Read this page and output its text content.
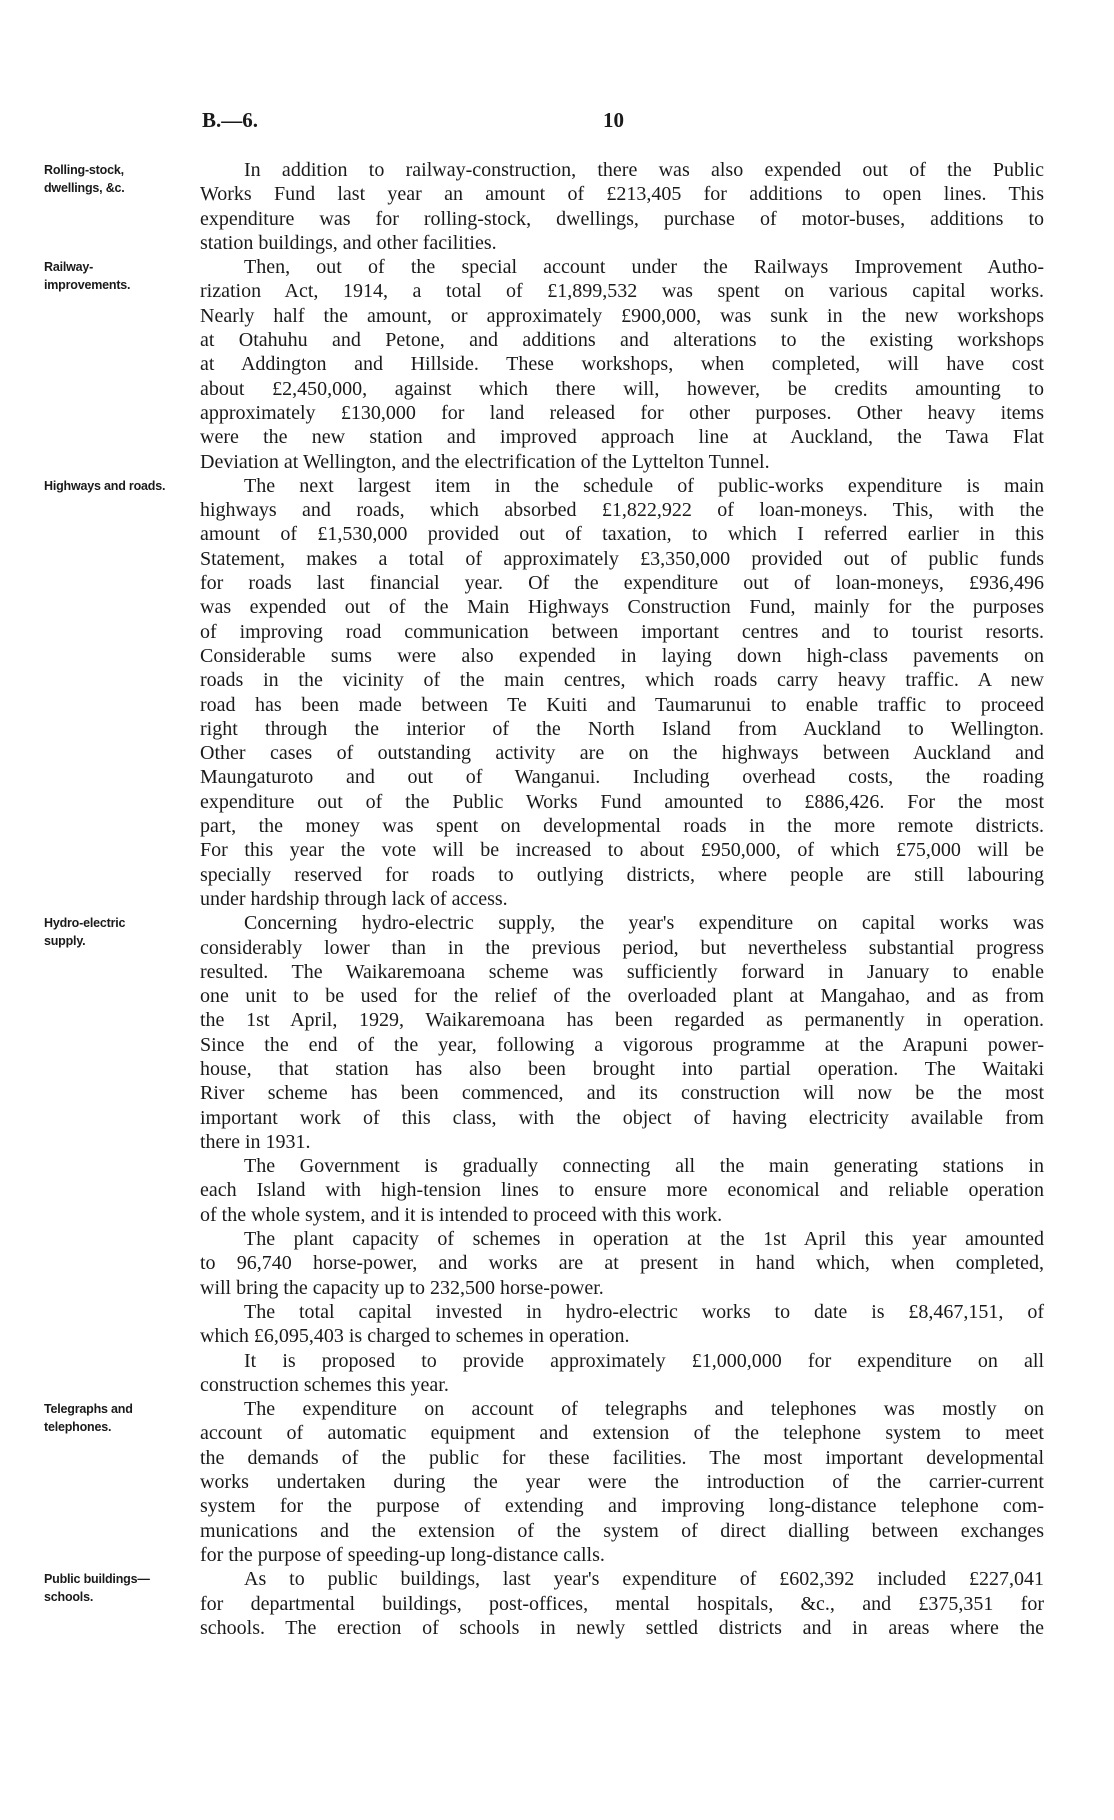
B.—6.	10
Rolling-stock,
dwellings, &c.
In addition to railway-construction, there was also expended out of the Public
Works Fund last year an amount of £213,405 for additions to open lines. This
expenditure was for rolling-stock, dwellings, purchase of motor-buses, additions to
station buildings, and other facilities.
Railway-
improvements.
Then, out of the special account under the Railways Improvement Autho-
rization Act, 1914, a total of £1,899,532 was spent on various capital works.
Nearly half the amount, or approximately £900,000, was sunk in the new workshops
at Otahuhu and Petone, and additions and alterations to the existing workshops
at Addington and Hillside. These workshops, when completed, will have cost
about £2,450,000, against which there will, however, be credits amounting to
approximately £130,000 for land released for other purposes. Other heavy items
were the new station and improved approach line at Auckland, the Tawa Flat
Deviation at Wellington, and the electrification of the Lyttelton Tunnel.
Highways and roads.	The next largest item in the schedule of public-works expenditure is main
highways and roads, which absorbed £1,822,922 of loan-moneys. This, with the
amount of £1,530,000 provided out of taxation, to which I referred earlier in this
Statement, makes a total of approximately £3,350,000 provided out of public funds
for roads last financial year. Of the expenditure out of loan-moneys, £936,496
was expended out of the Main Highways Construction Fund, mainly for the purposes
of improving road communication between important centres and to tourist resorts.
Considerable sums were also expended in laying down high-class pavements on
roads in the vicinity of the main centres, which roads carry heavy traffic. A new
road has been made between Te Kuiti and Taumarunui to enable traffic to proceed
right through the interior of the North Island from Auckland to Wellington.
Other cases of outstanding activity are on the highways between Auckland and
Maungaturoto and out of Wanganui. Including overhead costs, the roading
expenditure out of the Public Works Fund amounted to £886,426. For the most
part, the money was spent on developmental roads in the more remote districts.
For this year the vote will be increased to about £950,000, of which £75,000 will be
specially reserved for roads to outlying districts, where people are still labouring
under hardship through lack of access.
Hydro-electric
supply.
Concerning hydro-electric supply, the year's expenditure on capital works was
considerably lower than in the previous period, but nevertheless substantial progress
resulted. The Waikaremoana scheme was sufficiently forward in January to enable
one unit to be used for the relief of the overloaded plant at Mangahao, and as from
the 1st April, 1929, Waikaremoana has been regarded as permanently in operation.
Since the end of the year, following a vigorous programme at the Arapuni power-
house, that station has also been brought into partial operation. The Waitaki
River scheme has been commenced, and its construction will now be the most
important work of this class, with the object of having electricity available from
there in 1931.
The Government is gradually connecting all the main generating stations in
each Island with high-tension lines to ensure more economical and reliable operation
of the whole system, and it is intended to proceed with this work.
The plant capacity of schemes in operation at the 1st April this year amounted
to 96,740 horse-power, and works are at present in hand which, when completed,
will bring the capacity up to 232,500 horse-power.
The total capital invested in hydro-electric works to date is £8,467,151, of
which £6,095,403 is charged to schemes in operation.
It is proposed to provide approximately £1,000,000 for expenditure on all
construction schemes this year.
Telegraphs and
telephones.
The expenditure on account of telegraphs and telephones was mostly on
account of automatic equipment and extension of the telephone system to meet
the demands of the public for these facilities. The most important developmental
works undertaken during the year were the introduction of the carrier-current
system for the purpose of extending and improving long-distance telephone com-
munications and the extension of the system of direct dialling between exchanges
for the purpose of speeding-up long-distance calls.
Public buildings—
schools.
As to public buildings, last year's expenditure of £602,392 included £227,041
for departmental buildings, post-offices, mental hospitals, &c., and £375,351 for
schools. The erection of schools in newly settled districts and in areas where the
